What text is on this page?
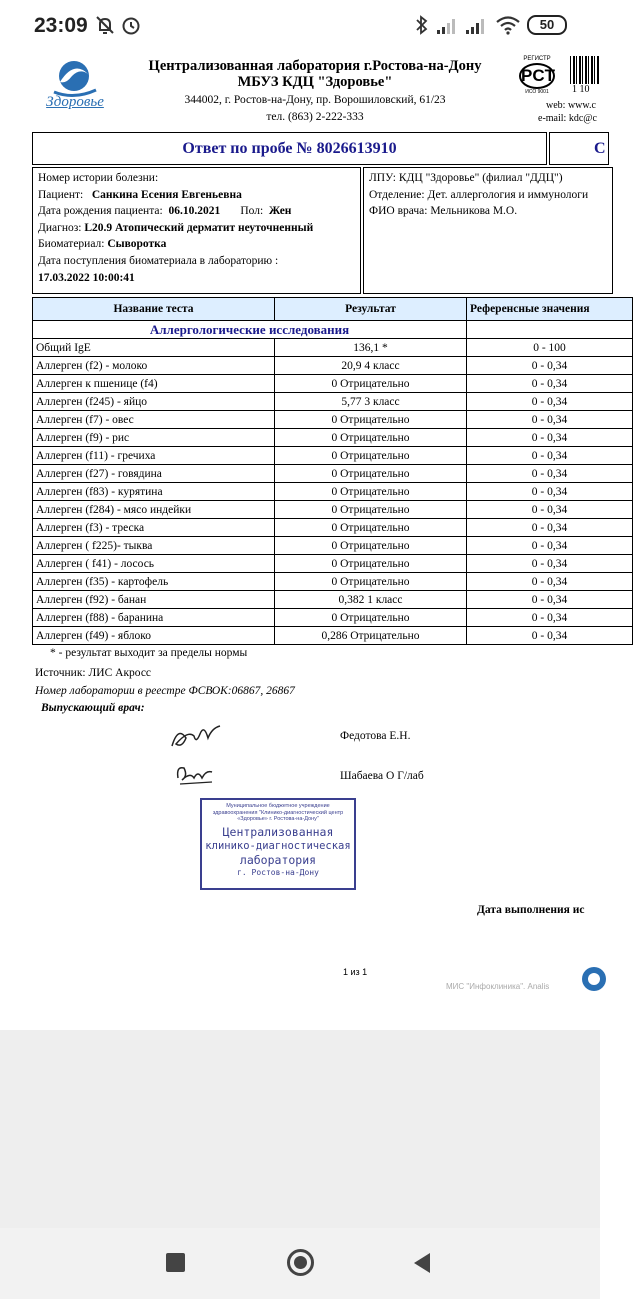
23:09	50
Здоровье
Централизованная лаборатория г.Ростова-на-Дону
МБУЗ КДЦ "Здоровье"
344002, г. Ростов-на-Дону, пр. Ворошиловский, 61/23
тел. (863) 2-222-333
РЕГИСТР
PCT
ИСО 9001	1 10
web: www.c
e-mail: kdc@c
Ответ по пробе № 8026613910	C
Номер истории болезни:
Пациент: Санкина Есения Евгеньевна
Дата рождения пациента: 06.10.2021 Пол: Жен
Диагноз: L20.9 Атопический дерматит неуточненный
Биоматериал: Сыворотка
Дата поступления биоматериала в лабораторию :
17.03.2022 10:00:41
ЛПУ: КДЦ "Здоровье" (филиал "ДДЦ")
Отделение: Дет. аллергология и иммунологи
ФИО врача: Мельникова М.О.
Название теста	Результат	Референсные значения
Аллергологические исследования		
Общий IgE	136,1 *	0 - 100
Аллерген (f2) - молоко	20,9 4 класс	0 - 0,34
Аллерген к пшенице (f4)	0 Отрицательно	0 - 0,34
Аллерген (f245) - яйцо	5,77 3 класс	0 - 0,34
Аллерген (f7) - овес	0 Отрицательно	0 - 0,34
Аллерген (f9) - рис	0 Отрицательно	0 - 0,34
Аллерген (f11) - гречиха	0 Отрицательно	0 - 0,34
Аллерген (f27) - говядина	0 Отрицательно	0 - 0,34
Аллерген (f83) - курятина	0 Отрицательно	0 - 0,34
Аллерген (f284) - мясо индейки	0 Отрицательно	0 - 0,34
Аллерген (f3) - треска	0 Отрицательно	0 - 0,34
Аллерген ( f225)- тыква	0 Отрицательно	0 - 0,34
Аллерген ( f41) - лосось	0 Отрицательно	0 - 0,34
Аллерген (f35) - картофель	0 Отрицательно	0 - 0,34
Аллерген (f92) - банан	0,382 1 класс	0 - 0,34
Аллерген (f88) - баранина	0 Отрицательно	0 - 0,34
Аллерген (f49) - яблоко	0,286 Отрицательно	0 - 0,34
* - результат выходит за пределы нормы
Источник: ЛИС Акросс
Номер лаборатории в реестре ФСВОК:06867, 26867
Выпускающий врач:
Федотова Е.Н.
Шабаева О Г/лаб
Муниципальное бюджетное учреждение здравоохранения "Клинико-диагностический центр «Здоровье» г. Ростова-на-Дону"
Централизованная
клинико-диагностическая
лаборатория
г. Ростов-на-Дону
Дата выполнения ис
1 из 1
МИС "Инфоклиника". Analis
